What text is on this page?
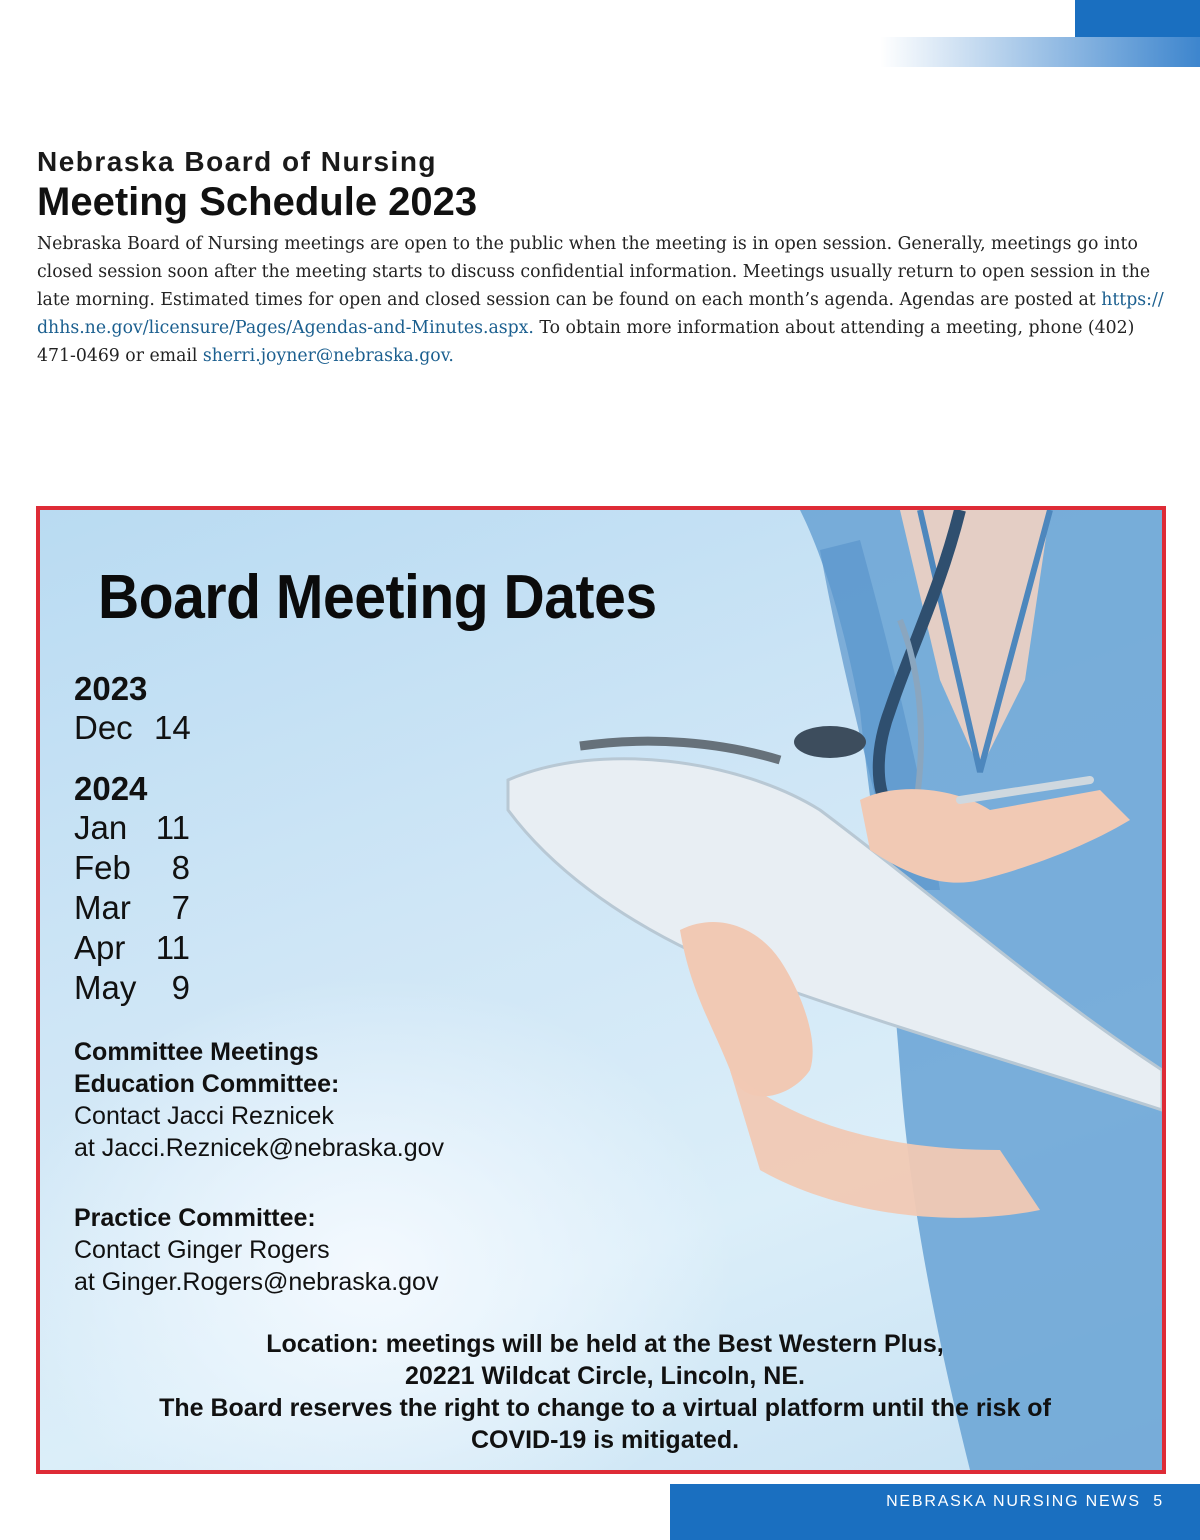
Nebraska Board of Nursing
Meeting Schedule 2023

Nebraska Board of Nursing meetings are open to the public when the meeting is in open session. Generally, meetings go into closed session soon after the meeting starts to discuss confidential information. Meetings usually return to open session in the late morning. Estimated times for open and closed session can be found on each month’s agenda. Agendas are posted at https:// dhhs.ne.gov/licensure/Pages/Agendas-and-Minutes.aspx. To obtain more information about attending a meeting, phone (402) 471-0469 or email sherri.joyner@nebraska.gov.

Board Meeting Dates
2023
Dec 14
2024
Jan 11
Feb	8
Mar	7
Apr 11
May	9
Committee Meetings
Education Committee:
Contact Jacci Reznicek
at Jacci.Reznicek@nebraska.gov
Practice Committee:
Contact Ginger Rogers
at Ginger.Rogers@nebraska.gov
Location: meetings will be held at the Best Western Plus,
20221 Wildcat Circle, Lincoln, NE.
The Board reserves the right to change to a virtual platform until the risk of
COVID-19 is mitigated.
NEBRASKA NURSING NEWS 5
